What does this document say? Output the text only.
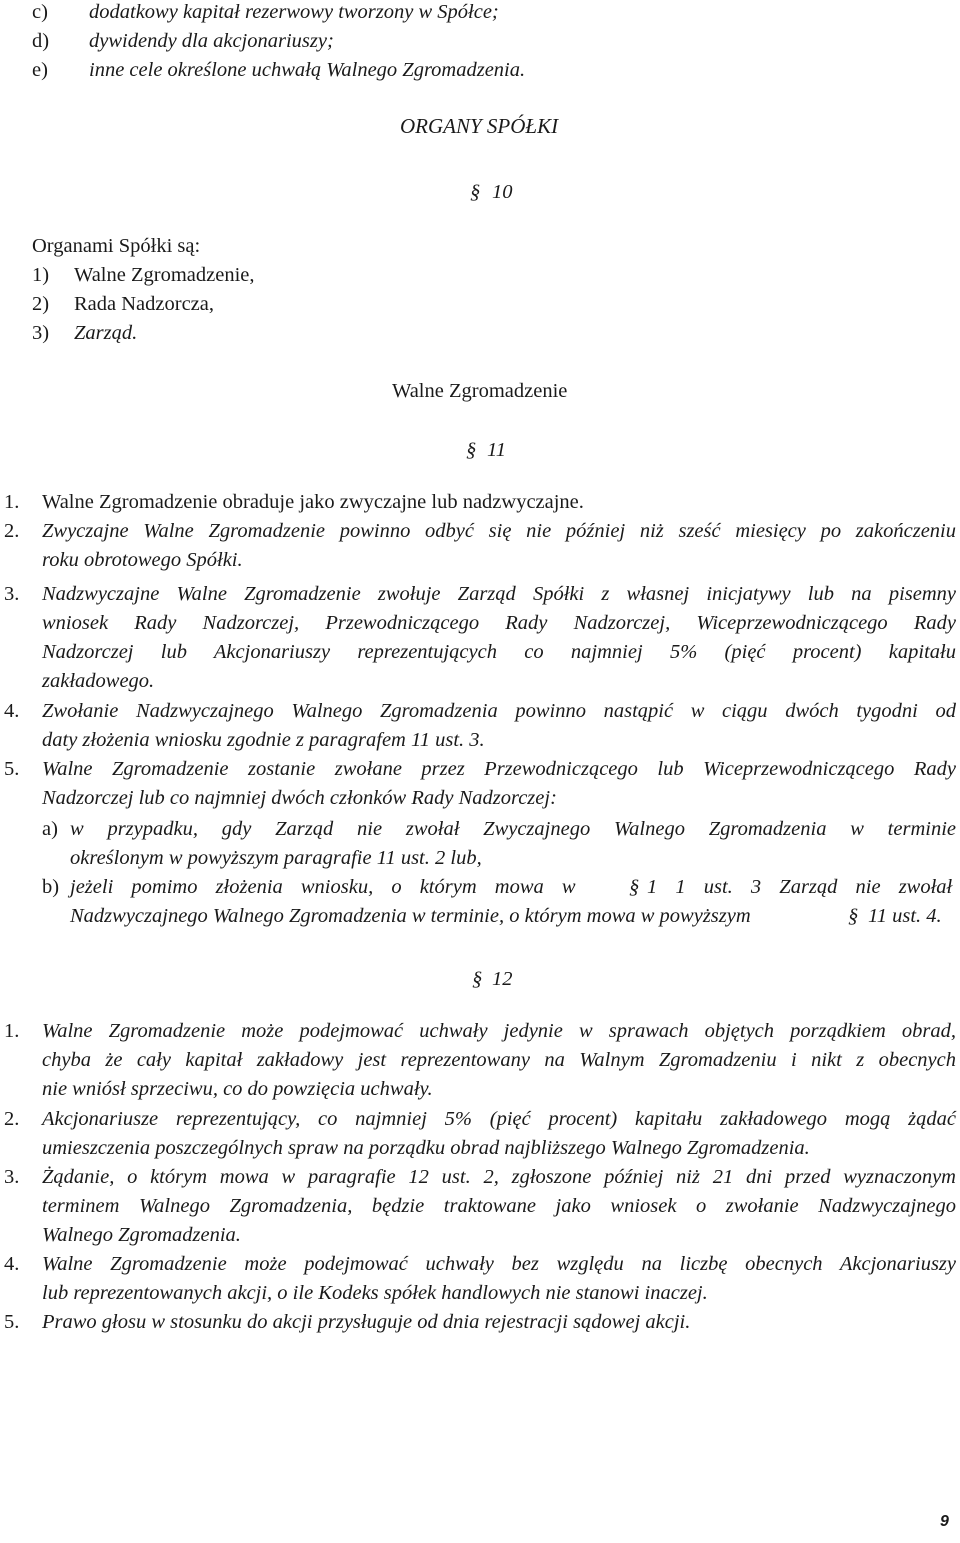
c) dodatkowy kapitał rezerwowy tworzony w Spółce;
d) dywidendy dla akcjonariuszy;
e) inne cele określone uchwałą Walnego Zgromadzenia.
ORGANY SPÓŁKI
§ 10
Organami Spółki są:
1) Walne Zgromadzenie,
2) Rada Nadzorcza,
3) Zarząd.
Walne Zgromadzenie
§ 11
1. Walne Zgromadzenie obraduje jako zwyczajne lub nadzwyczajne.
2. Zwyczajne Walne Zgromadzenie powinno odbyć się nie później niż sześć miesięcy po zakończeniu
roku obrotowego Spółki.
3. Nadzwyczajne Walne Zgromadzenie zwołuje Zarząd Spółki z własnej inicjatywy lub na pisemny
wniosek Rady Nadzorczej, Przewodniczącego Rady Nadzorczej, Wiceprzewodniczącego Rady
Nadzorczej lub Akcjonariuszy reprezentujących co najmniej 5% (pięć procent) kapitału
zakładowego.
4. Zwołanie Nadzwyczajnego Walnego Zgromadzenia powinno nastąpić w ciągu dwóch tygodni od
daty złożenia wniosku zgodnie z paragrafem 11 ust. 3.
5. Walne Zgromadzenie zostanie zwołane przez Przewodniczącego lub Wiceprzewodniczącego Rady
Nadzorczej lub co najmniej dwóch członków Rady Nadzorczej:
a) w przypadku, gdy Zarząd nie zwołał Zwyczajnego Walnego Zgromadzenia w terminie
określonym w powyższym paragrafie 11 ust. 2 lub,
b) jeżeli pomimo złożenia wniosku, o którym mowa w	§ 1 1 ust. 3 Zarząd nie zwołał
Nadzwyczajnego Walnego Zgromadzenia w terminie, o którym mowa w powyższym	§ 11 ust. 4.
§ 12
1. Walne Zgromadzenie może podejmować uchwały jedynie w sprawach objętych porządkiem obrad,
chyba że cały kapitał zakładowy jest reprezentowany na Walnym Zgromadzeniu i nikt z obecnych
nie wniósł sprzeciwu, co do powzięcia uchwały.
2. Akcjonariusze reprezentujący, co najmniej 5% (pięć procent) kapitału zakładowego mogą żądać
umieszczenia poszczególnych spraw na porządku obrad najbliższego Walnego Zgromadzenia.
3. Żądanie, o którym mowa w paragrafie 12 ust. 2, zgłoszone później niż 21 dni przed wyznaczonym
terminem Walnego Zgromadzenia, będzie traktowane jako wniosek o zwołanie Nadzwyczajnego
Walnego Zgromadzenia.
4. Walne Zgromadzenie może podejmować uchwały bez względu na liczbę obecnych Akcjonariuszy
lub reprezentowanych akcji, o ile Kodeks spółek handlowych nie stanowi inaczej.
5. Prawo głosu w stosunku do akcji przysługuje od dnia rejestracji sądowej akcji.
9
